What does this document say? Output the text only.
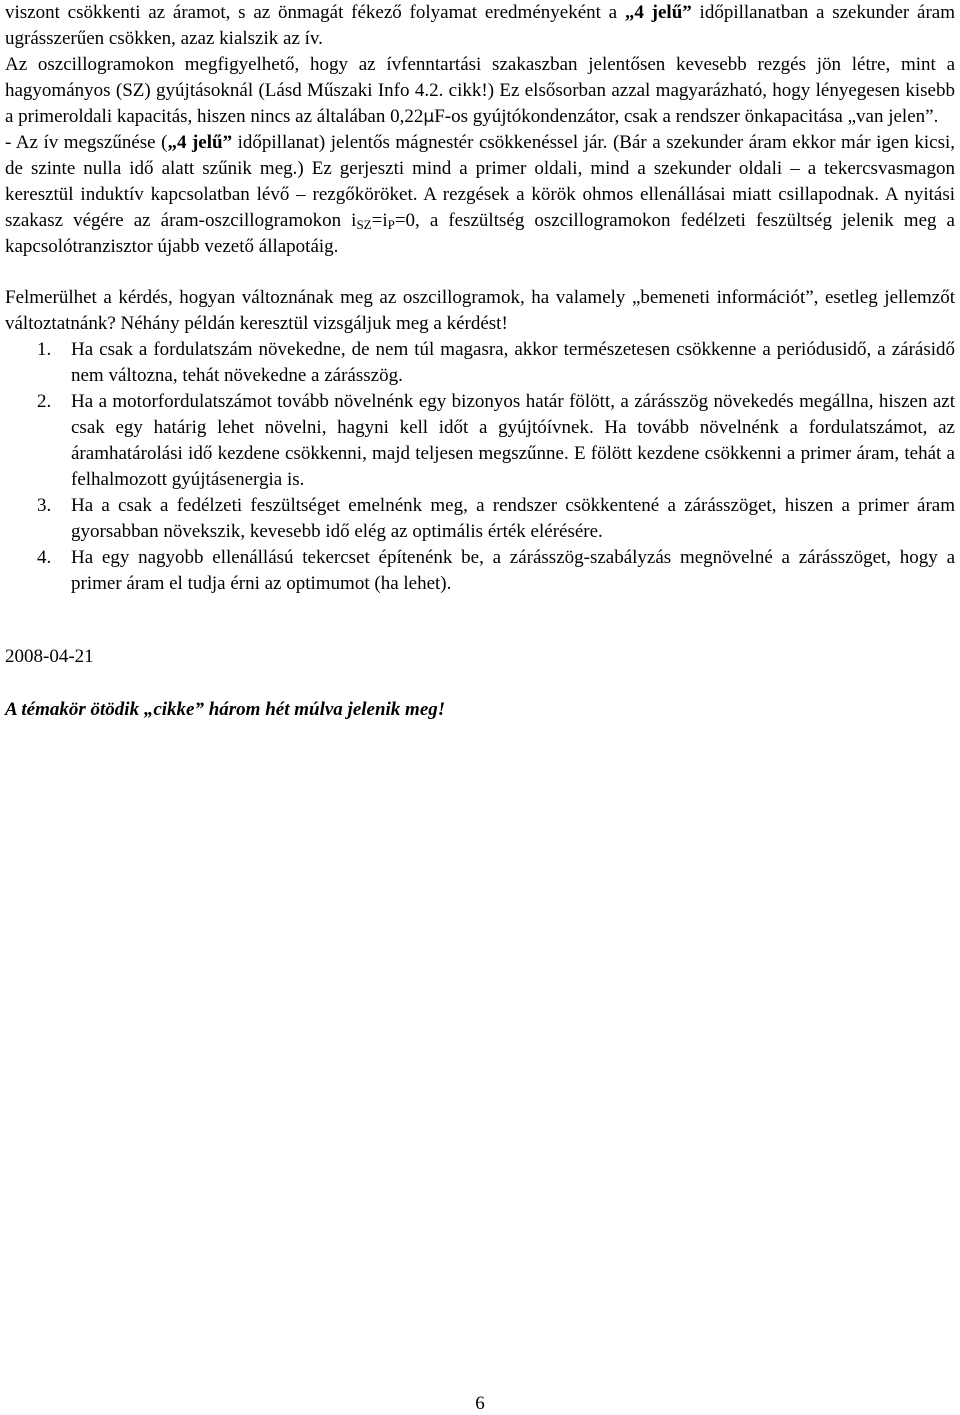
viszont csökkenti az áramot, s az önmagát fékező folyamat eredményeként a „4 jelű” időpillanatban a szekunder áram ugrásszerűen csökken, azaz kialszik az ív.

Az oszcillogramokon megfigyelhető, hogy az ívfenntartási szakaszban jelentősen kevesebb rezgés jön létre, mint a hagyományos (SZ) gyújtásoknál (Lásd Műszaki Info 4.2. cikk!) Ez elsősorban azzal magyarázható, hogy lényegesen kisebb a primeroldali kapacitás, hiszen nincs az általában 0,22μF-os gyújtókondenzátor, csak a rendszer önkapacitása „van jelen”.

- Az ív megszűnése („4 jelű” időpillanat) jelentős mágnestér csökkenéssel jár. (Bár a szekunder áram ekkor már igen kicsi, de szinte nulla idő alatt szűnik meg.) Ez gerjeszti mind a primer oldali, mind a szekunder oldali – a tekercsvasmagon keresztül induktív kapcsolatban lévő – rezgőköröket. A rezgések a körök ohmos ellenállásai miatt csillapodnak. A nyitási szakasz végére az áram-oszcillogramokon $i_{SZ}=i_P=0$, a feszültség oszcillogramokon fedélzeti feszültség jelenik meg a kapcsolótranzisztor újabb vezető állapotáig.

Felmerülhet a kérdés, hogyan változnának meg az oszcillogramok, ha valamely „bemeneti információt”, esetleg jellemzőt változtatnánk? Néhány példán keresztül vizsgáljuk meg a kérdést!

1. Ha csak a fordulatszám növekedne, de nem túl magasra, akkor természetesen csökkenne a periódusidő, a zárásidő nem változna, tehát növekedne a zárásszög.
2. Ha a motorfordulatszámot tovább növelnénk egy bizonyos határ fölött, a zárásszög növekedés megállna, hiszen azt csak egy határig lehet növelni, hagyni kell időt a gyújtóívnek. Ha tovább növelnénk a fordulatszámot, az áramhatárolási idő kezdene csökkenni, majd teljesen megszűnne. E fölött kezdene csökkenni a primer áram, tehát a felhalmozott gyújtásenergia is.
3. Ha a csak a fedélzeti feszültséget emelnénk meg, a rendszer csökkentené a zárásszöget, hiszen a primer áram gyorsabban növekszik, kevesebb idő elég az optimális érték elérésére.
4. Ha egy nagyobb ellenállású tekercset építenénk be, a zárásszög-szabályzás megnövelné a zárásszöget, hogy a primer áram el tudja érni az optimumot (ha lehet).

2008-04-21

A témakör ötödik „cikke” három hét múlva jelenik meg!

6
